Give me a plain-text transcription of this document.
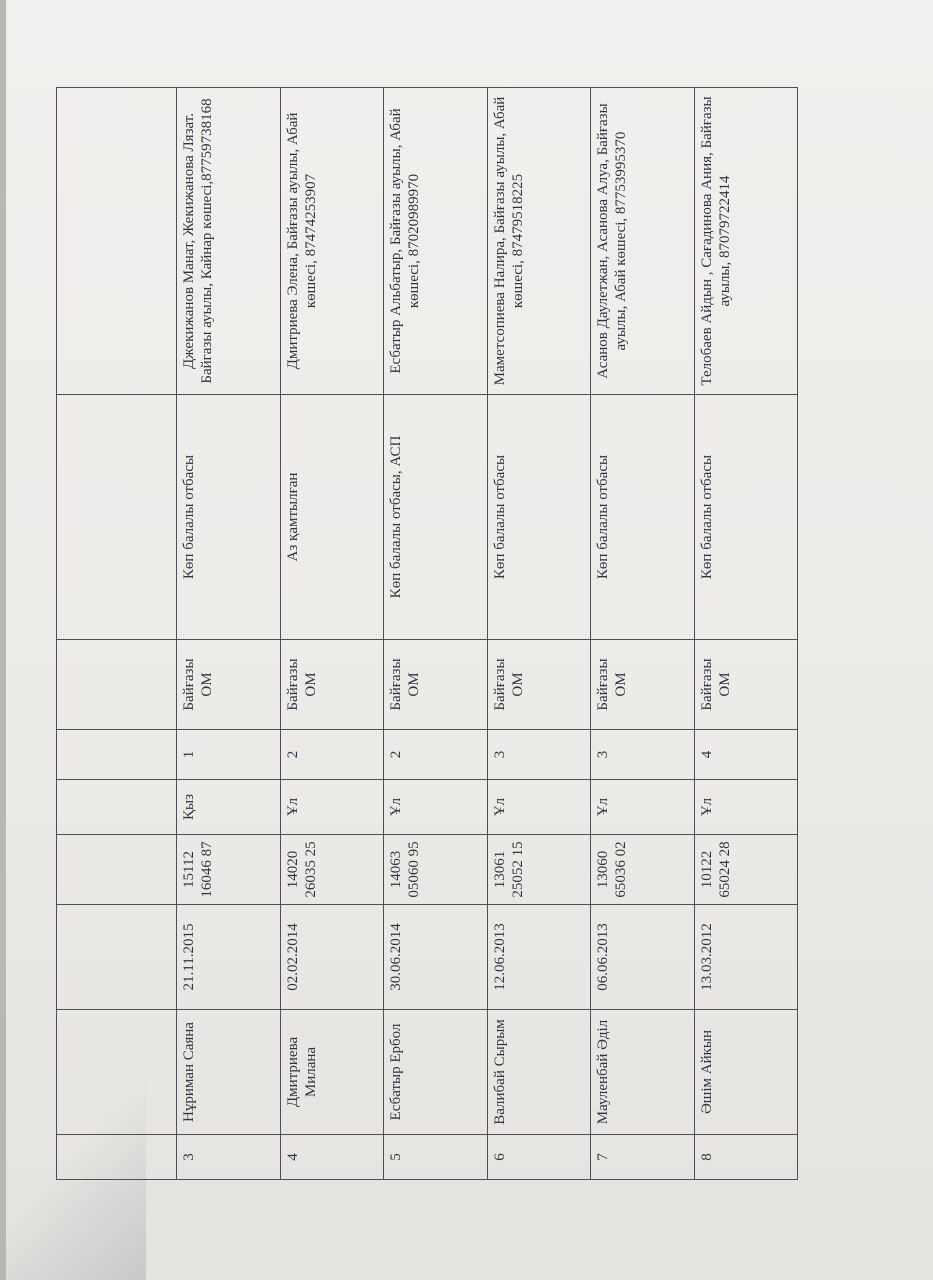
3	Нұриман Саяна	21.11.2015	15112 16046 87	Қыз	1	Байғазы ОМ	Көп балалы отбасы	Джекижанов Манат, Жекижанова Лязат. Байгазы ауылы, Кайнар көшесі,87759738168
4	Дмитриева Милана	02.02.2014	14020 26035 25	Ұл	2	Байғазы ОМ	Аз қамтылған	Дмитриева Элена, Байғазы ауылы, Абай көшесі, 87474253907
5	Есбатыр Ербол	30.06.2014	14063 05060 95	Ұл	2	Байғазы ОМ	Көп балалы отбасы, АСП	Есбатыр Альбатыр, Байғазы ауылы, Абай көшесі, 87020989970
6	Валибай Сырым	12.06.2013	13061 25052 15	Ұл	3	Байғазы ОМ	Көп балалы отбасы	Маметсопиева Налира, Байғазы ауылы, Абай көшесі, 87479518225
7	Мауленбай Әділ	06.06.2013	13060 65036 02	Ұл	3	Байғазы ОМ	Көп балалы отбасы	Асанов Даулетжан, Асанова Алуа, Байғазы ауылы, Абай көшесі, 87753995370
8	Әшім Айкын	13.03.2012	10122 65024 28	Ұл	4	Байғазы ОМ	Көп балалы отбасы	Телобаев Айдын , Сағадинова Ания, Байғазы ауылы, 87079722414
